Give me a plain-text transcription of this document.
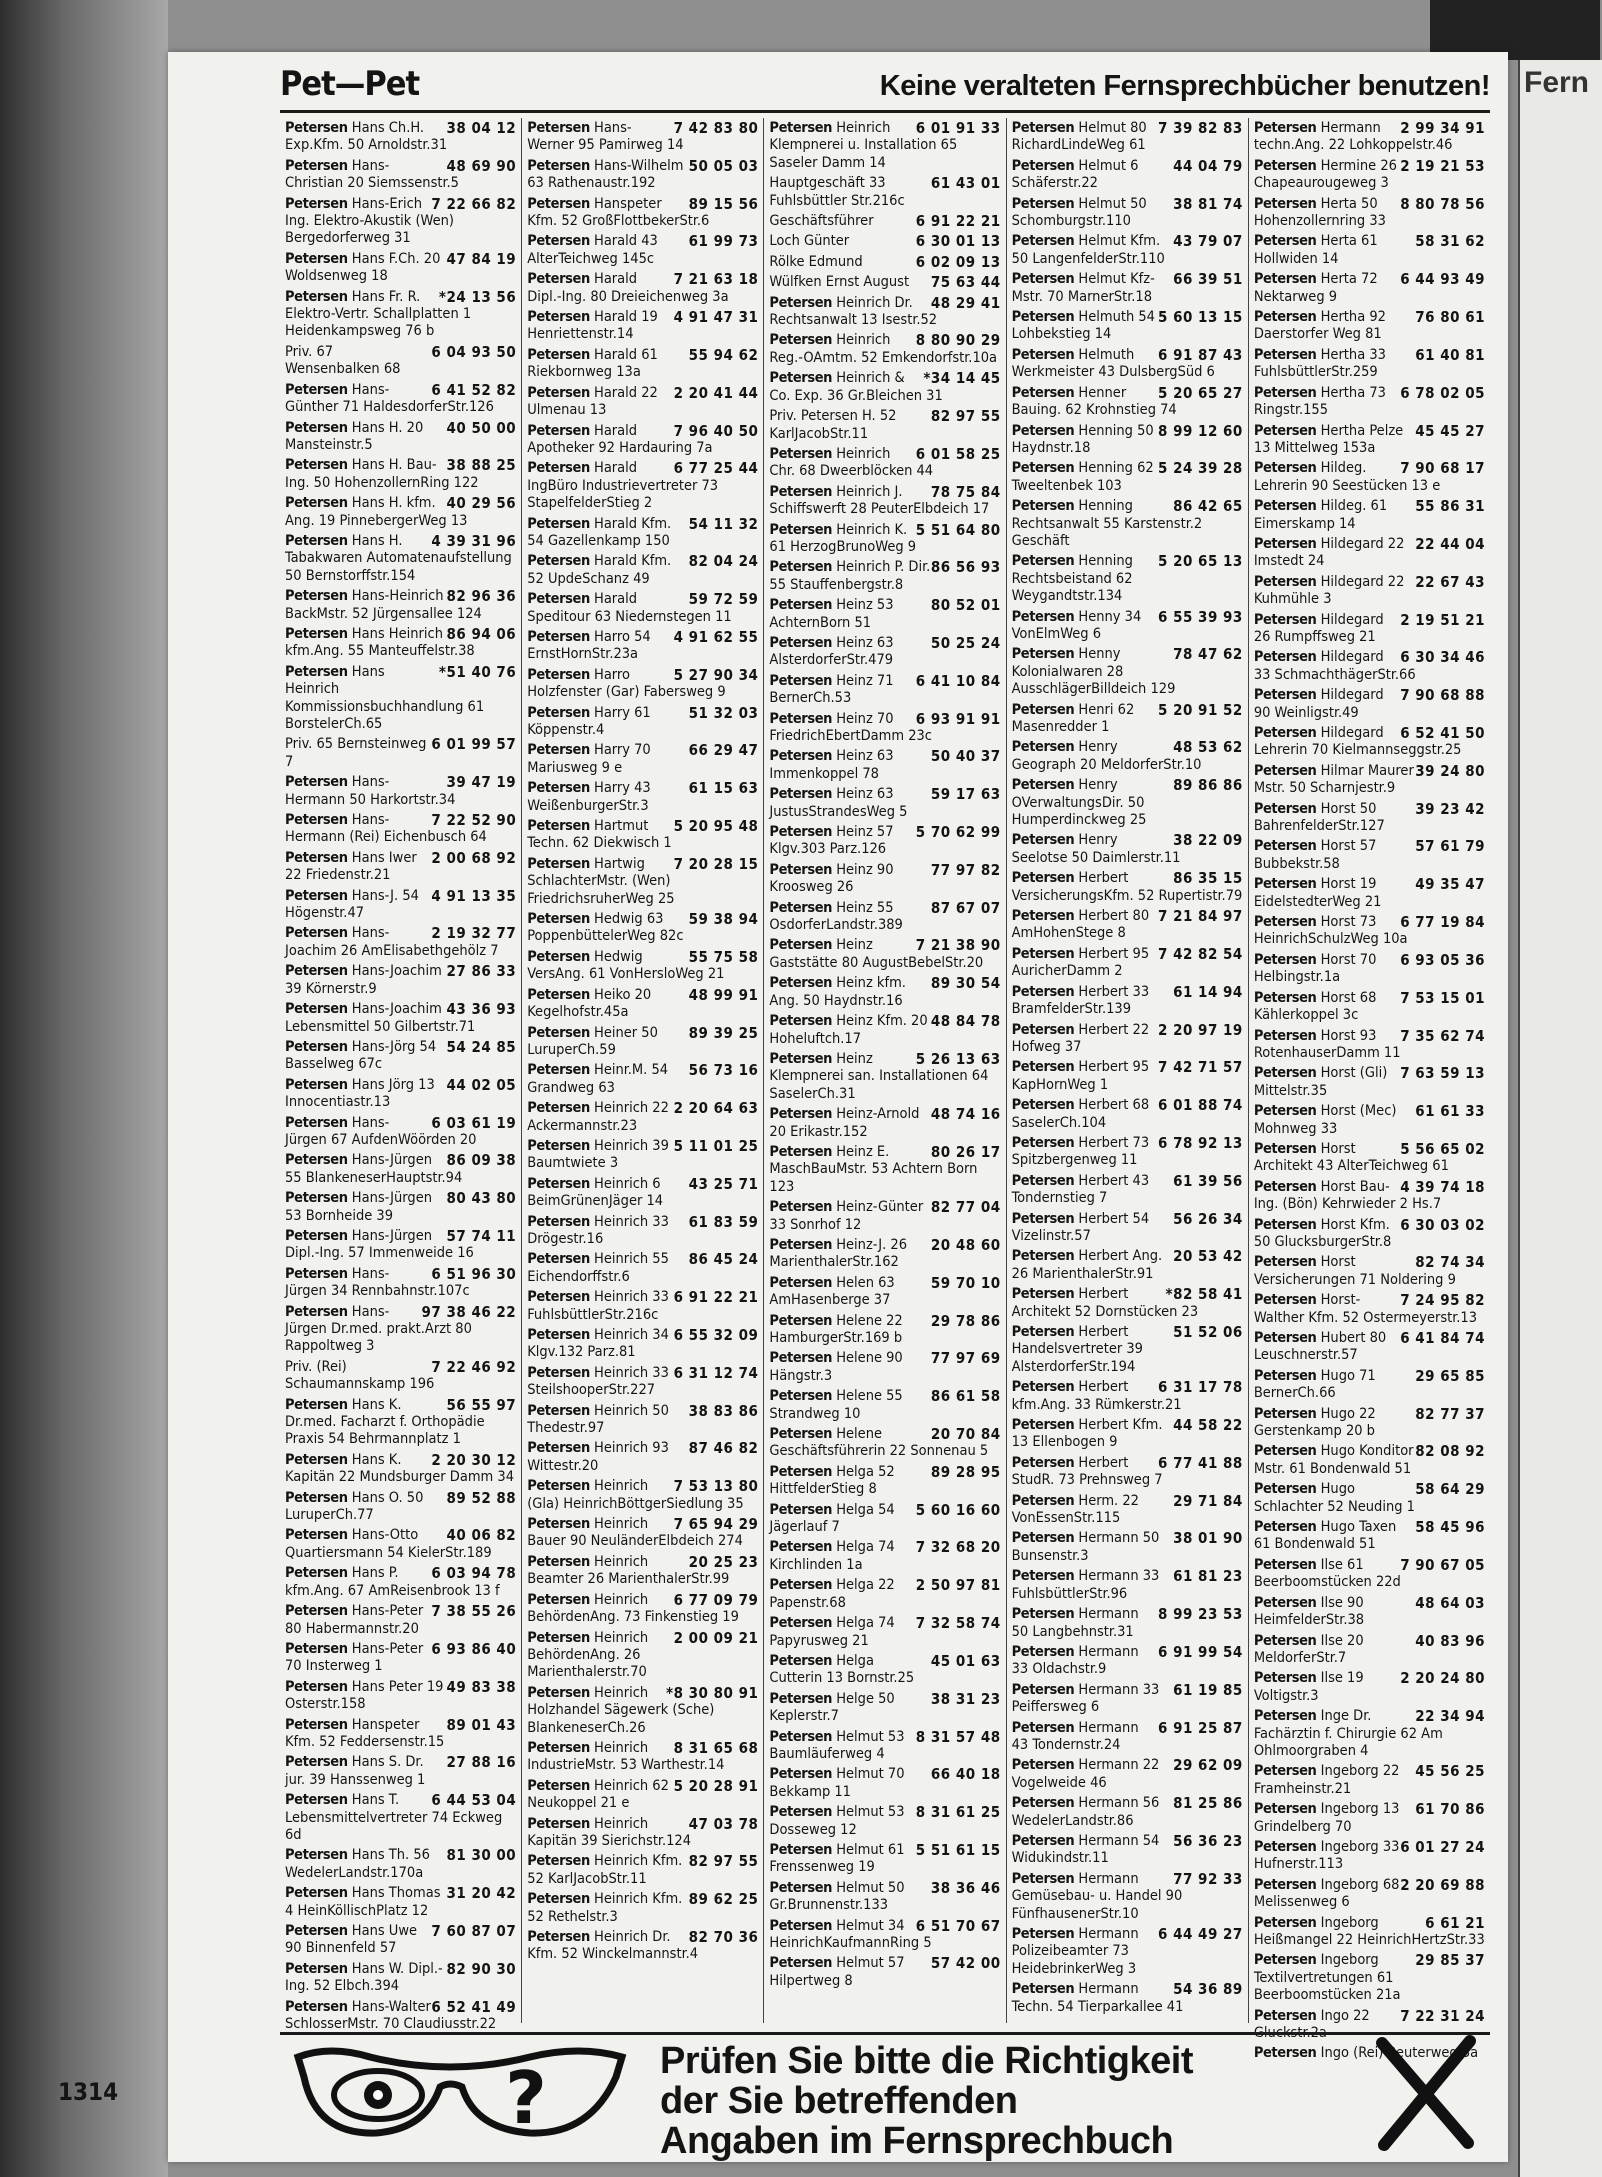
Pet—Pet	Keine veralteten Fernsprechbücher benutzen!
38 04 12
Petersen Hans Ch.H. Exp.Kfm. 50 Arnoldstr.31
48 69 90
Petersen Hans-Christian 20 Siemssenstr.5
7 22 66 82
Petersen Hans-Erich Ing. Elektro-Akustik (Wen) Bergedorferweg 31
47 84 19
Petersen Hans F.Ch. 20 Woldsenweg 18
*24 13 56
Petersen Hans Fr. R. Elektro-Vertr. Schallplatten 1 Heidenkampsweg 76 b
6 04 93 50
Priv. 67 Wensenbalken 68
6 41 52 82
Petersen Hans-Günther 71 HaldesdorferStr.126
40 50 00
Petersen Hans H. 20 Mansteinstr.5
38 88 25
Petersen Hans H. Bau-Ing. 50 HohenzollernRing 122
40 29 56
Petersen Hans H. kfm. Ang. 19 PinnebergerWeg 13
4 39 31 96
Petersen Hans H. Tabakwaren Automatenaufstellung 50 Bernstorffstr.154
82 96 36
Petersen Hans-Heinrich BackMstr. 52 Jürgensallee 124
86 94 06
Petersen Hans Heinrich kfm.Ang. 55 Manteuffelstr.38
*51 40 76
Petersen Hans Heinrich Kommissionsbuchhandlung 61 BorstelerCh.65
6 01 99 57
Priv. 65 Bernsteinweg 7
39 47 19
Petersen Hans-Hermann 50 Harkortstr.34
7 22 52 90
Petersen Hans-Hermann (Rei) Eichenbusch 64
2 00 68 92
Petersen Hans Iwer 22 Friedenstr.21
4 91 13 35
Petersen Hans-J. 54 Högenstr.47
2 19 32 77
Petersen Hans-Joachim 26 AmElisabethgehölz 7
27 86 33
Petersen Hans-Joachim 39 Körnerstr.9
43 36 93
Petersen Hans-Joachim Lebensmittel 50 Gilbertstr.71
54 24 85
Petersen Hans-Jörg 54 Basselweg 67c
44 02 05
Petersen Hans Jörg 13 Innocentiastr.13
6 03 61 19
Petersen Hans-Jürgen 67 AufdenWöörden 20
86 09 38
Petersen Hans-Jürgen 55 BlankeneserHauptstr.94
80 43 80
Petersen Hans-Jürgen 53 Bornheide 39
57 74 11
Petersen Hans-Jürgen Dipl.-Ing. 57 Immenweide 16
6 51 96 30
Petersen Hans-Jürgen 34 Rennbahnstr.107c
97 38 46 22
Petersen Hans-Jürgen Dr.med. prakt.Arzt 80 Rappoltweg 3
7 22 46 92
Priv. (Rei) Schaumannskamp 196
56 55 97
Petersen Hans K. Dr.med. Facharzt f. Orthopädie Praxis 54 Behrmannplatz 1
2 20 30 12
Petersen Hans K. Kapitän 22 Mundsburger Damm 34
89 52 88
Petersen Hans O. 50 LuruperCh.77
40 06 82
Petersen Hans-Otto Quartiersmann 54 KielerStr.189
6 03 94 78
Petersen Hans P. kfm.Ang. 67 AmReisenbrook 13 f
7 38 55 26
Petersen Hans-Peter 80 Habermannstr.20
6 93 86 40
Petersen Hans-Peter 70 Insterweg 1
49 83 38
Petersen Hans Peter 19 Osterstr.158
89 01 43
Petersen Hanspeter Kfm. 52 Feddersenstr.15
27 88 16
Petersen Hans S. Dr. jur. 39 Hanssenweg 1
6 44 53 04
Petersen Hans T. Lebensmittelvertreter 74 Eckweg 6d
81 30 00
Petersen Hans Th. 56 WedelerLandstr.170a
31 20 42
Petersen Hans Thomas 4 HeinKöllischPlatz 12
7 60 87 07
Petersen Hans Uwe 90 Binnenfeld 57
82 90 30
Petersen Hans W. Dipl.-Ing. 52 Elbch.394
6 52 41 49
Petersen Hans-Walter SchlosserMstr. 70 Claudiusstr.22
7 42 83 80
Petersen Hans-Werner 95 Pamirweg 14
50 05 03
Petersen Hans-Wilhelm 63 Rathenaustr.192
89 15 56
Petersen Hanspeter Kfm. 52 GroßFlottbekerStr.6
61 99 73
Petersen Harald 43 AlterTeichweg 145c
7 21 63 18
Petersen Harald Dipl.-Ing. 80 Dreieichenweg 3a
4 91 47 31
Petersen Harald 19 Henriettenstr.14
55 94 62
Petersen Harald 61 Riekbornweg 13a
2 20 41 44
Petersen Harald 22 Ulmenau 13
7 96 40 50
Petersen Harald Apotheker 92 Hardauring 7a
6 77 25 44
Petersen Harald IngBüro Industrievertreter 73 StapelfelderStieg 2
54 11 32
Petersen Harald Kfm. 54 Gazellenkamp 150
82 04 24
Petersen Harald Kfm. 52 UpdeSchanz 49
59 72 59
Petersen Harald Speditour 63 Niedernstegen 11
4 91 62 55
Petersen Harro 54 ErnstHornStr.23a
5 27 90 34
Petersen Harro Holzfenster (Gar) Fabersweg 9
51 32 03
Petersen Harry 61 Köppenstr.4
66 29 47
Petersen Harry 70 Mariusweg 9 e
61 15 63
Petersen Harry 43 WeißenburgerStr.3
5 20 95 48
Petersen Hartmut Techn. 62 Diekwisch 1
7 20 28 15
Petersen Hartwig SchlachterMstr. (Wen) FriedrichsruherWeg 25
59 38 94
Petersen Hedwig 63 PoppenbüttelerWeg 82c
55 75 58
Petersen Hedwig VersAng. 61 VonHersloWeg 21
48 99 91
Petersen Heiko 20 Kegelhofstr.45a
89 39 25
Petersen Heiner 50 LuruperCh.59
56 73 16
Petersen Heinr.M. 54 Grandweg 63
2 20 64 63
Petersen Heinrich 22 Ackermannstr.23
5 11 01 25
Petersen Heinrich 39 Baumtwiete 3
43 25 71
Petersen Heinrich 6 BeimGrünenJäger 14
61 83 59
Petersen Heinrich 33 Drögestr.16
86 45 24
Petersen Heinrich 55 Eichendorffstr.6
6 91 22 21
Petersen Heinrich 33 FuhlsbüttlerStr.216c
6 55 32 09
Petersen Heinrich 34 Klgv.132 Parz.81
6 31 12 74
Petersen Heinrich 33 SteilshooperStr.227
38 83 86
Petersen Heinrich 50 Thedestr.97
87 46 82
Petersen Heinrich 93 Wittestr.20
7 53 13 80
Petersen Heinrich (Gla) HeinrichBöttgerSiedlung 35
7 65 94 29
Petersen Heinrich Bauer 90 NeuländerElbdeich 274
20 25 23
Petersen Heinrich Beamter 26 MarienthalerStr.99
6 77 09 79
Petersen Heinrich BehördenAng. 73 Finkenstieg 19
2 00 09 21
Petersen Heinrich BehördenAng. 26 Marienthalerstr.70
*8 30 80 91
Petersen Heinrich Holzhandel Sägewerk (Sche) BlankeneserCh.26
8 31 65 68
Petersen Heinrich IndustrieMstr. 53 Warthestr.14
5 20 28 91
Petersen Heinrich 62 Neukoppel 21 e
47 03 78
Petersen Heinrich Kapitän 39 Sierichstr.124
82 97 55
Petersen Heinrich Kfm. 52 KarlJacobStr.11
89 62 25
Petersen Heinrich Kfm. 52 Rethelstr.3
82 70 36
Petersen Heinrich Dr. Kfm. 52 Winckelmannstr.4
6 01 91 33
Petersen Heinrich Klempnerei u. Installation 65 Saseler Damm 14
61 43 01
Hauptgeschäft 33 Fuhlsbüttler Str.216c
6 91 22 21
Geschäftsführer
6 30 01 13
Loch Günter
6 02 09 13
Rölke Edmund
75 63 44
Wülfken Ernst August
48 29 41
Petersen Heinrich Dr. Rechtsanwalt 13 Isestr.52
8 80 90 29
Petersen Heinrich Reg.-OAmtm. 52 Emkendorfstr.10a
*34 14 45
Petersen Heinrich & Co. Exp. 36 Gr.Bleichen 31
82 97 55
Priv. Petersen H. 52 KarlJacobStr.11
6 01 58 25
Petersen Heinrich Chr. 68 Dweerblöcken 44
78 75 84
Petersen Heinrich J. Schiffswerft 28 PeuterElbdeich 17
5 51 64 80
Petersen Heinrich K. 61 HerzogBrunoWeg 9
86 56 93
Petersen Heinrich P. Dir. 55 Stauffenbergstr.8
80 52 01
Petersen Heinz 53 AchternBorn 51
50 25 24
Petersen Heinz 63 AlsterdorferStr.479
6 41 10 84
Petersen Heinz 71 BernerCh.53
6 93 91 91
Petersen Heinz 70 FriedrichEbertDamm 23c
50 40 37
Petersen Heinz 63 Immenkoppel 78
59 17 63
Petersen Heinz 63 JustusStrandesWeg 5
5 70 62 99
Petersen Heinz 57 Klgv.303 Parz.126
77 97 82
Petersen Heinz 90 Kroosweg 26
87 67 07
Petersen Heinz 55 OsdorferLandstr.389
7 21 38 90
Petersen Heinz Gaststätte 80 AugustBebelStr.20
89 30 54
Petersen Heinz kfm. Ang. 50 Haydnstr.16
48 84 78
Petersen Heinz Kfm. 20 Hoheluftch.17
5 26 13 63
Petersen Heinz Klempnerei san. Installationen 64 SaselerCh.31
48 74 16
Petersen Heinz-Arnold 20 Erikastr.152
80 26 17
Petersen Heinz E. MaschBauMstr. 53 Achtern Born 123
82 77 04
Petersen Heinz-Günter 33 Sonrhof 12
20 48 60
Petersen Heinz-J. 26 MarienthalerStr.162
59 70 10
Petersen Helen 63 AmHasenberge 37
29 78 86
Petersen Helene 22 HamburgerStr.169 b
77 97 69
Petersen Helene 90 Hängstr.3
86 61 58
Petersen Helene 55 Strandweg 10
20 70 84
Petersen Helene Geschäftsführerin 22 Sonnenau 5
89 28 95
Petersen Helga 52 HittfelderStieg 8
5 60 16 60
Petersen Helga 54 Jägerlauf 7
7 32 68 20
Petersen Helga 74 Kirchlinden 1a
2 50 97 81
Petersen Helga 22 Papenstr.68
7 32 58 74
Petersen Helga 74 Papyrusweg 21
45 01 63
Petersen Helga Cutterin 13 Bornstr.25
38 31 23
Petersen Helge 50 Keplerstr.7
8 31 57 48
Petersen Helmut 53 Baumläuferweg 4
66 40 18
Petersen Helmut 70 Bekkamp 11
8 31 61 25
Petersen Helmut 53 Dosseweg 12
5 51 61 15
Petersen Helmut 61 Frenssenweg 19
38 36 46
Petersen Helmut 50 Gr.Brunnenstr.133
6 51 70 67
Petersen Helmut 34 HeinrichKaufmannRing 5
57 42 00
Petersen Helmut 57 Hilpertweg 8
7 39 82 83
Petersen Helmut 80 RichardLindeWeg 61
44 04 79
Petersen Helmut 6 Schäferstr.22
38 81 74
Petersen Helmut 50 Schomburgstr.110
43 79 07
Petersen Helmut Kfm. 50 LangenfelderStr.110
66 39 51
Petersen Helmut Kfz-Mstr. 70 MarnerStr.18
5 60 13 15
Petersen Helmuth 54 Lohbekstieg 14
6 91 87 43
Petersen Helmuth Werkmeister 43 DulsbergSüd 6
5 20 65 27
Petersen Henner Bauing. 62 Krohnstieg 74
8 99 12 60
Petersen Henning 50 Haydnstr.18
5 24 39 28
Petersen Henning 62 Tweeltenbek 103
86 42 65
Petersen Henning Rechtsanwalt 55 Karstenstr.2 Geschäft
5 20 65 13
Petersen Henning Rechtsbeistand 62 Weygandtstr.134
6 55 39 93
Petersen Henny 34 VonElmWeg 6
78 47 62
Petersen Henny Kolonialwaren 28 AusschlägerBilldeich 129
5 20 91 52
Petersen Henri 62 Masenredder 1
48 53 62
Petersen Henry Geograph 20 MeldorferStr.10
89 86 86
Petersen Henry OVerwaltungsDir. 50 Humperdinckweg 25
38 22 09
Petersen Henry Seelotse 50 Daimlerstr.11
86 35 15
Petersen Herbert VersicherungsKfm. 52 Rupertistr.79
7 21 84 97
Petersen Herbert 80 AmHohenStege 8
7 42 82 54
Petersen Herbert 95 AuricherDamm 2
61 14 94
Petersen Herbert 33 BramfelderStr.139
2 20 97 19
Petersen Herbert 22 Hofweg 37
7 42 71 57
Petersen Herbert 95 KapHornWeg 1
6 01 88 74
Petersen Herbert 68 SaselerCh.104
6 78 92 13
Petersen Herbert 73 Spitzbergenweg 11
61 39 56
Petersen Herbert 43 Tondernstieg 7
56 26 34
Petersen Herbert 54 Vizelinstr.57
20 53 42
Petersen Herbert Ang. 26 MarienthalerStr.91
*82 58 41
Petersen Herbert Architekt 52 Dornstücken 23
51 52 06
Petersen Herbert Handelsvertreter 39 AlsterdorferStr.194
6 31 17 78
Petersen Herbert kfm.Ang. 33 Rümkerstr.21
44 58 22
Petersen Herbert Kfm. 13 Ellenbogen 9
6 77 41 88
Petersen Herbert StudR. 73 Prehnsweg 7
29 71 84
Petersen Herm. 22 VonEssenStr.115
38 01 90
Petersen Hermann 50 Bunsenstr.3
61 81 23
Petersen Hermann 33 FuhlsbüttlerStr.96
8 99 23 53
Petersen Hermann 50 Langbehnstr.31
6 91 99 54
Petersen Hermann 33 Oldachstr.9
61 19 85
Petersen Hermann 33 Peiffersweg 6
6 91 25 87
Petersen Hermann 43 Tondernstr.24
29 62 09
Petersen Hermann 22 Vogelweide 46
81 25 86
Petersen Hermann 56 WedelerLandstr.86
56 36 23
Petersen Hermann 54 Widukindstr.11
77 92 33
Petersen Hermann Gemüsebau- u. Handel 90 FünfhausenerStr.10
6 44 49 27
Petersen Hermann Polizeibeamter 73 HeidebrinkerWeg 3
54 36 89
Petersen Hermann Techn. 54 Tierparkallee 41
2 99 34 91
Petersen Hermann techn.Ang. 22 Lohkoppelstr.46
2 19 21 53
Petersen Hermine 26 Chapeaurougeweg 3
8 80 78 56
Petersen Herta 50 Hohenzollernring 33
58 31 62
Petersen Herta 61 Hollwiden 14
6 44 93 49
Petersen Herta 72 Nektarweg 9
76 80 61
Petersen Hertha 92 Daerstorfer Weg 81
61 40 81
Petersen Hertha 33 FuhlsbüttlerStr.259
6 78 02 05
Petersen Hertha 73 Ringstr.155
45 45 27
Petersen Hertha Pelze 13 Mittelweg 153a
7 90 68 17
Petersen Hildeg. Lehrerin 90 Seestücken 13 e
55 86 31
Petersen Hildeg. 61 Eimerskamp 14
22 44 04
Petersen Hildegard 22 Imstedt 24
22 67 43
Petersen Hildegard 22 Kuhmühle 3
2 19 51 21
Petersen Hildegard 26 Rumpffsweg 21
6 30 34 46
Petersen Hildegard 33 SchmachthägerStr.66
7 90 68 88
Petersen Hildegard 90 Weinligstr.49
6 52 41 50
Petersen Hildegard Lehrerin 70 Kielmannseggstr.25
39 24 80
Petersen Hilmar Maurer Mstr. 50 Scharnjestr.9
39 23 42
Petersen Horst 50 BahrenfelderStr.127
57 61 79
Petersen Horst 57 Bubbekstr.58
49 35 47
Petersen Horst 19 EidelstedterWeg 21
6 77 19 84
Petersen Horst 73 HeinrichSchulzWeg 10a
6 93 05 36
Petersen Horst 70 Helbingstr.1a
7 53 15 01
Petersen Horst 68 Kählerkoppel 3c
7 35 62 74
Petersen Horst 93 RotenhauserDamm 11
7 63 59 13
Petersen Horst (Gli) Mittelstr.35
61 61 33
Petersen Horst (Mec) Mohnweg 33
5 56 65 02
Petersen Horst Architekt 43 AlterTeichweg 61
4 39 74 18
Petersen Horst Bau-Ing. (Bön) Kehrwieder 2 Hs.7
6 30 03 02
Petersen Horst Kfm. 50 GlucksburgerStr.8
82 74 34
Petersen Horst Versicherungen 71 Noldering 9
7 24 95 82
Petersen Horst-Walther Kfm. 52 Ostermeyerstr.13
6 41 84 74
Petersen Hubert 80 Leuschnerstr.57
29 65 85
Petersen Hugo 71 BernerCh.66
82 77 37
Petersen Hugo 22 Gerstenkamp 20 b
82 08 92
Petersen Hugo Konditor Mstr. 61 Bondenwald 51
58 64 29
Petersen Hugo Schlachter 52 Neuding 1
58 45 96
Petersen Hugo Taxen 61 Bondenwald 51
7 90 67 05
Petersen Ilse 61 Beerboomstücken 22d
48 64 03
Petersen Ilse 90 HeimfelderStr.38
40 83 96
Petersen Ilse 20 MeldorferStr.7
2 20 24 80
Petersen Ilse 19 Voltigstr.3
22 34 94
Petersen Inge Dr. Fachärztin f. Chirurgie 62 Am Ohlmoorgraben 4
45 56 25
Petersen Ingeborg 22 Framheinstr.21
61 70 86
Petersen Ingeborg 13 Grindelberg 70
6 01 27 24
Petersen Ingeborg 33 Hufnerstr.113
2 20 69 88
Petersen Ingeborg 68 Melissenweg 6
6 61 21
Petersen Ingeborg Heißmangel 22 HeinrichHertzStr.33
29 85 37
Petersen Ingeborg Textilvertretungen 61 Beerboomstücken 21a
7 22 31 24
Petersen Ingo 22 Gluckstr.2a
Petersen Ingo (Rei) Reuterweg 3a
?	Prüfen Sie bitte die Richtigkeit
der Sie betreffenden
Angaben im Fernsprechbuch
1314
Fern
